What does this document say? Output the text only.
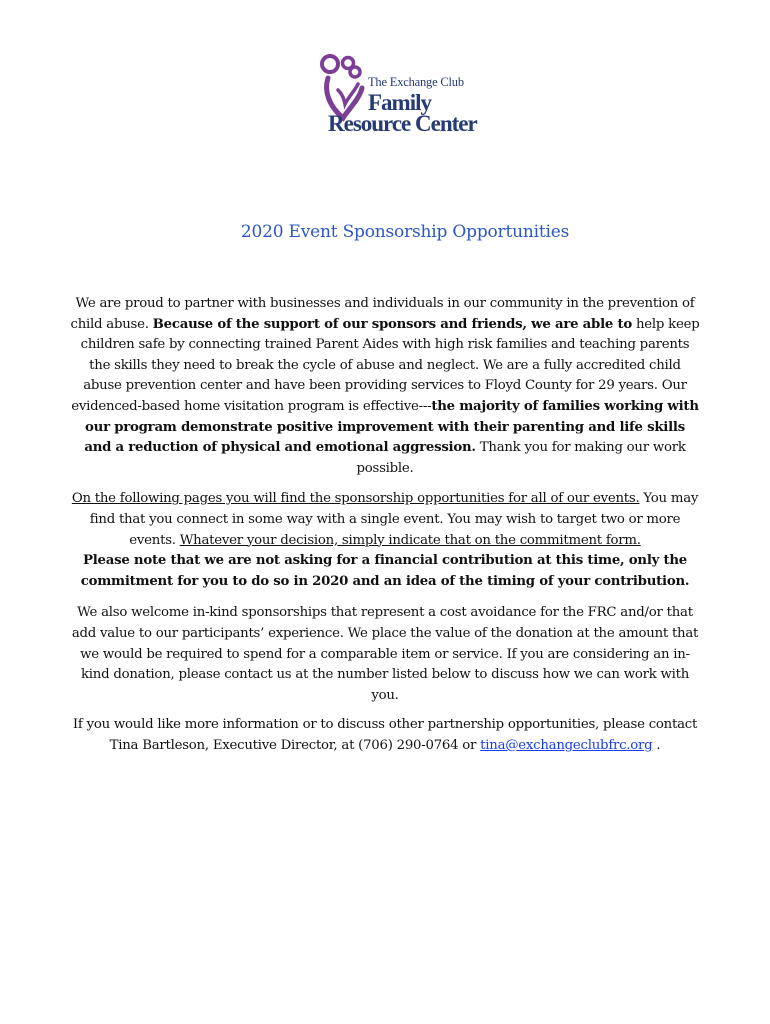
The Exchange Club
Family
Resource Center
2020 Event Sponsorship Opportunities

We are proud to partner with businesses and individuals in our community in the prevention of child abuse. Because of the support of our sponsors and friends, we are able to help keep children safe by connecting trained Parent Aides with high risk families and teaching parents the skills they need to break the cycle of abuse and neglect. We are a fully accredited child abuse prevention center and have been providing services to Floyd County for 29 years. Our evidenced-based home visitation program is effective---the majority of families working with our program demonstrate positive improvement with their parenting and life skills and a reduction of physical and emotional aggression. Thank you for making our work possible.

On the following pages you will find the sponsorship opportunities for all of our events. You may find that you connect in some way with a single event. You may wish to target two or more events. Whatever your decision, simply indicate that on the commitment form.
Please note that we are not asking for a financial contribution at this time, only the commitment for you to do so in 2020 and an idea of the timing of your contribution.

We also welcome in-kind sponsorships that represent a cost avoidance for the FRC and/or that add value to our participants’ experience. We place the value of the donation at the amount that we would be required to spend for a comparable item or service. If you are considering an in-kind donation, please contact us at the number listed below to discuss how we can work with you.

If you would like more information or to discuss other partnership opportunities, please contact Tina Bartleson, Executive Director, at (706) 290-0764 or tina@exchangeclubfrc.org .
